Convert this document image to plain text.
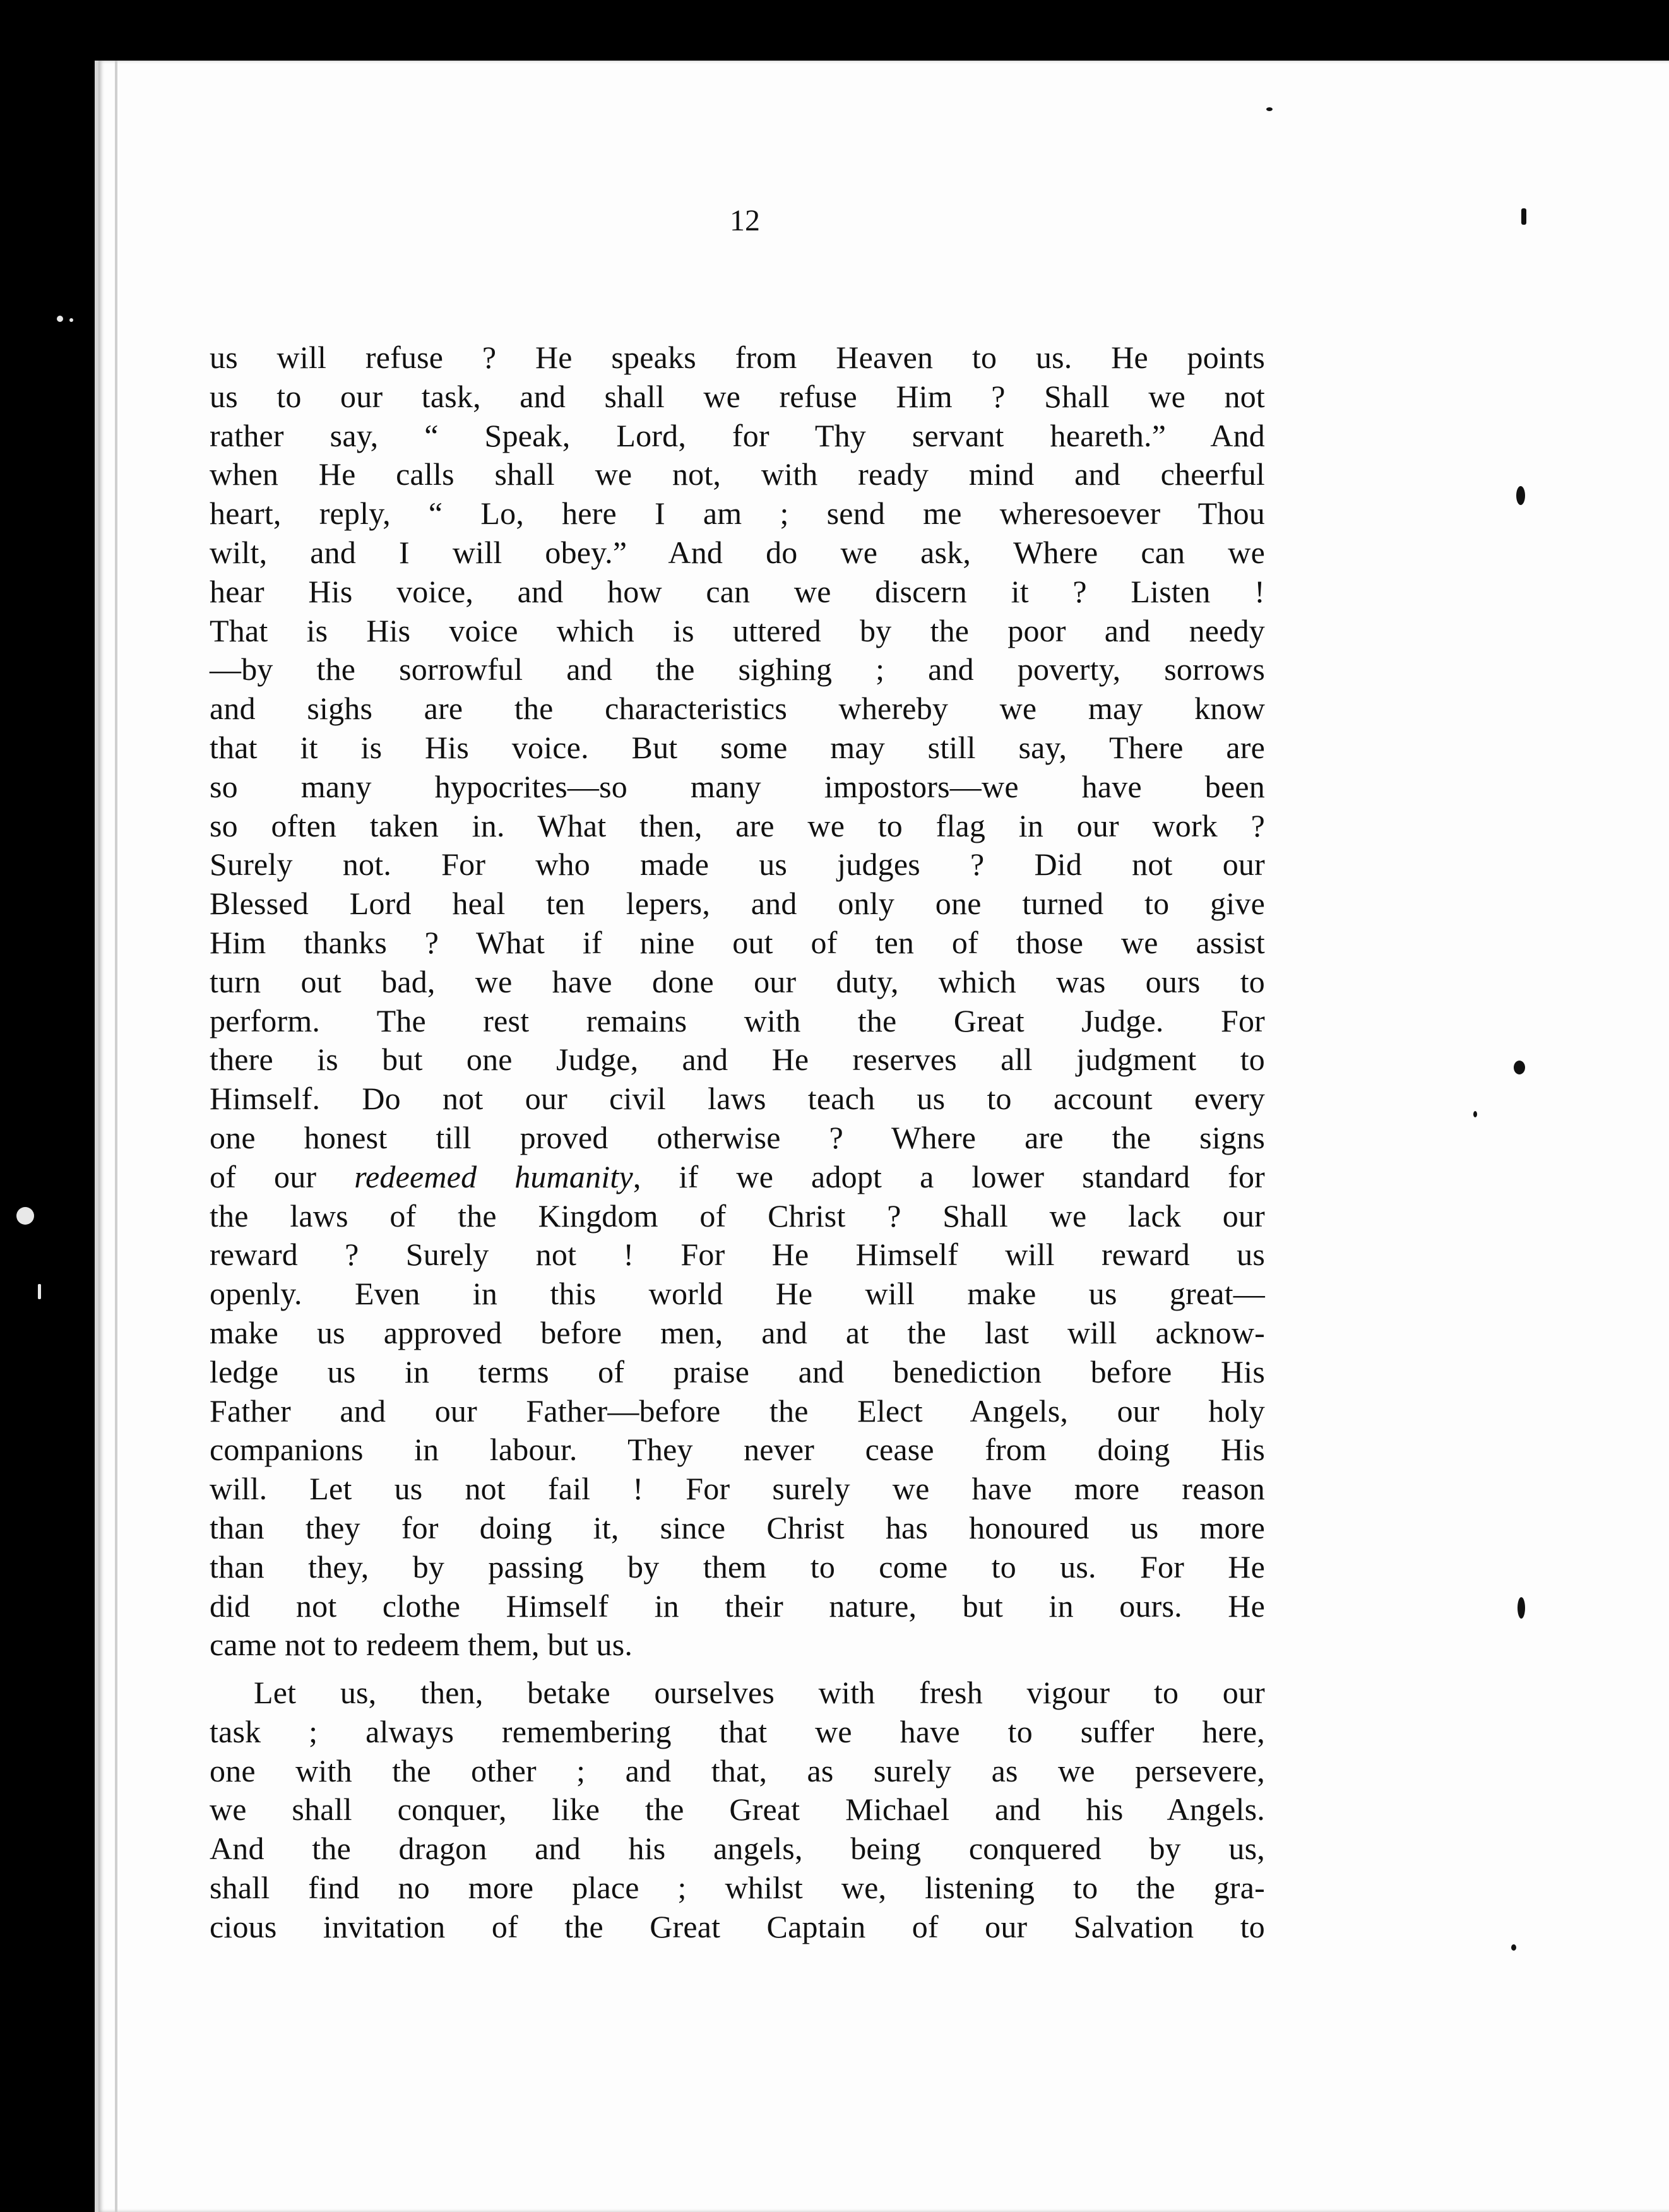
12
us will refuse ? He speaks from Heaven to us. He points
us to our task, and shall we refuse Him ? Shall we not
rather say, “ Speak, Lord, for Thy servant heareth.” And
when He calls shall we not, with ready mind and cheerful
heart, reply, “ Lo, here I am ; send me wheresoever Thou
wilt, and I will obey.” And do we ask, Where can we
hear His voice, and how can we discern it ? Listen !
That is His voice which is uttered by the poor and needy
—by the sorrowful and the sighing ; and poverty, sorrows
and sighs are the characteristics whereby we may know
that it is His voice. But some may still say, There are
so many hypocrites—so many impostors—we have been
so often taken in. What then, are we to flag in our work ?
Surely not. For who made us judges ? Did not our
Blessed Lord heal ten lepers, and only one turned to give
Him thanks ? What if nine out of ten of those we assist
turn out bad, we have done our duty, which was ours to
perform. The rest remains with the Great Judge. For
there is but one Judge, and He reserves all judgment to
Himself. Do not our civil laws teach us to account every
one honest till proved otherwise ? Where are the signs
of our redeemed humanity, if we adopt a lower standard for
the laws of the Kingdom of Christ ? Shall we lack our
reward ? Surely not ! For He Himself will reward us
openly. Even in this world He will make us great—
make us approved before men, and at the last will acknow-
ledge us in terms of praise and benediction before His
Father and our Father—before the Elect Angels, our holy
companions in labour. They never cease from doing His
will. Let us not fail ! For surely we have more reason
than they for doing it, since Christ has honoured us more
than they, by passing by them to come to us. For He
did not clothe Himself in their nature, but in ours. He
came not to redeem them, but us.
Let us, then, betake ourselves with fresh vigour to our
task ; always remembering that we have to suffer here,
one with the other ; and that, as surely as we persevere,
we shall conquer, like the Great Michael and his Angels.
And the dragon and his angels, being conquered by us,
shall find no more place ; whilst we, listening to the gra-
cious invitation of the Great Captain of our Salvation to
